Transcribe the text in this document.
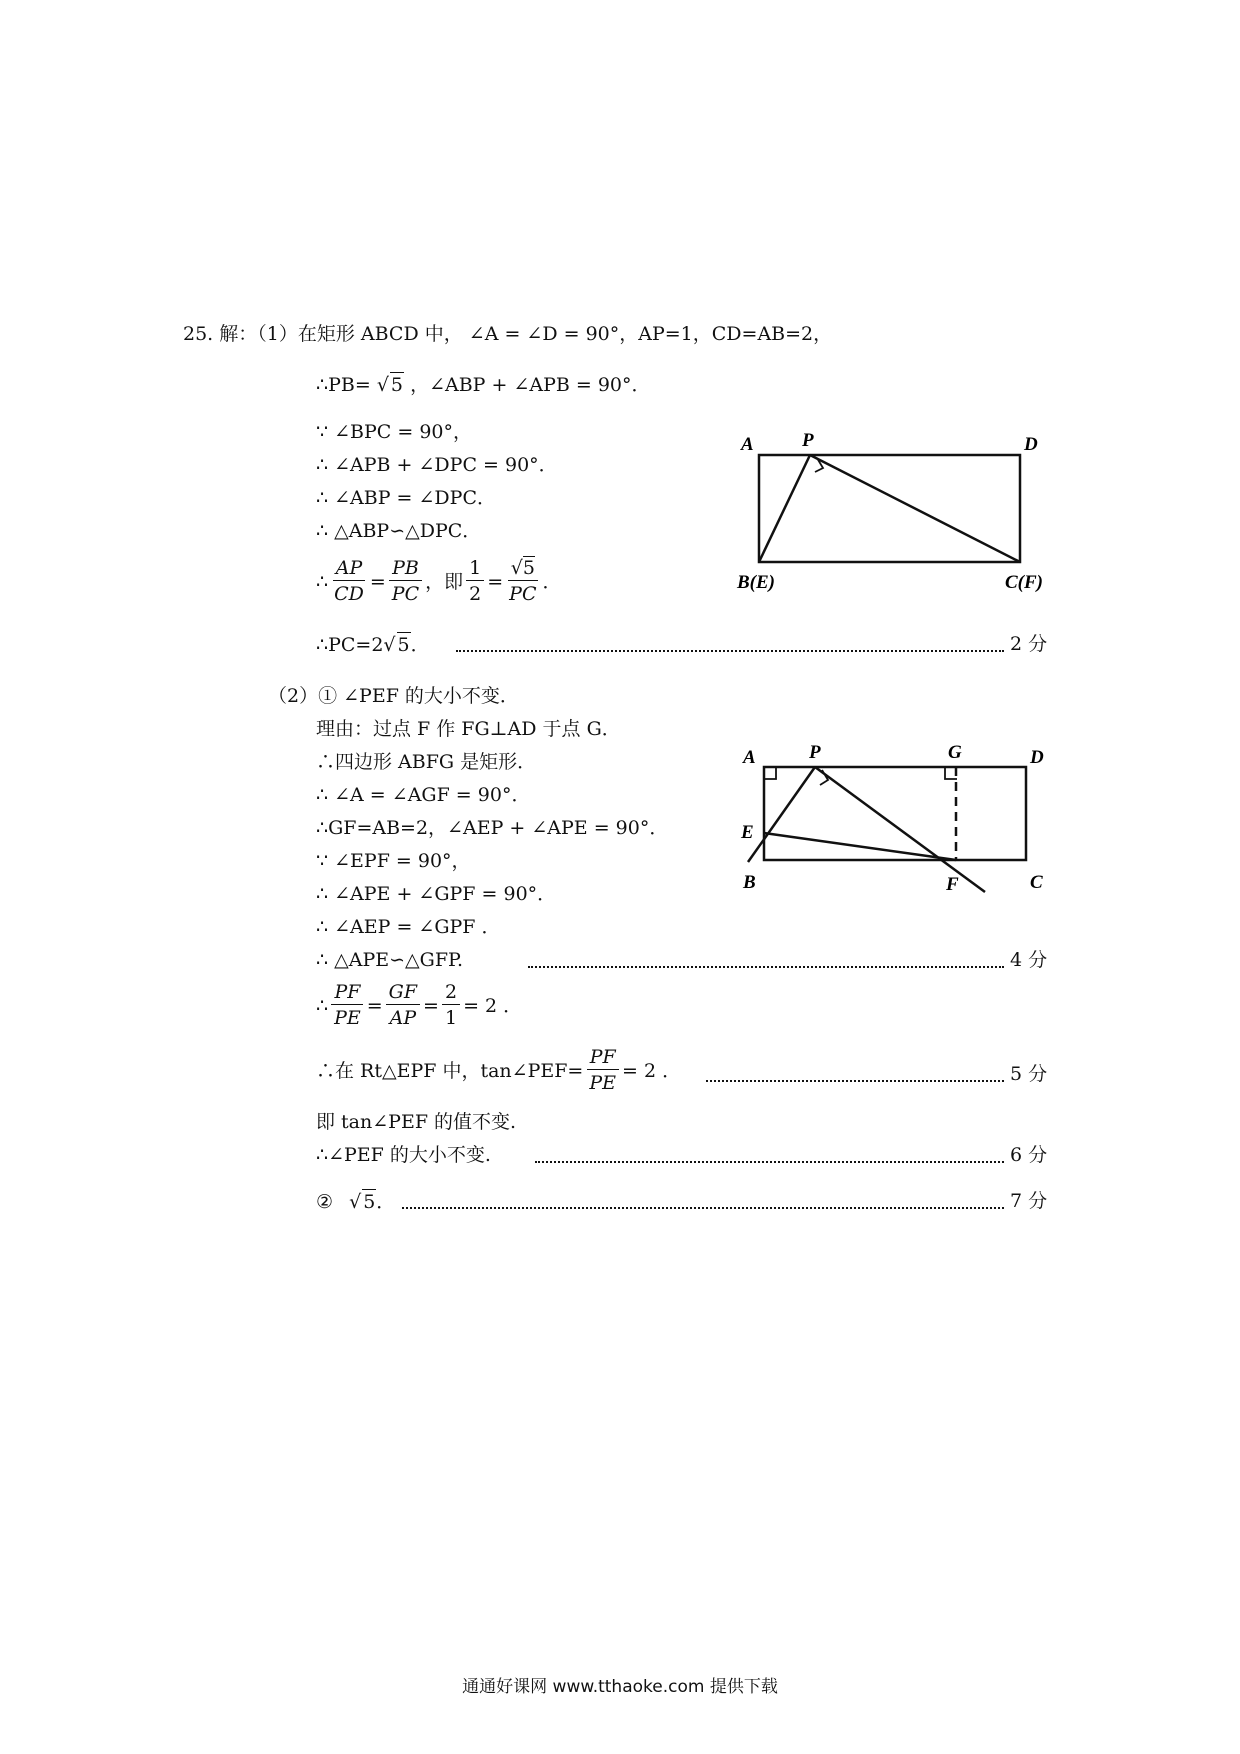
25. 解：（1）在矩形 ABCD 中， ∠A = ∠D = 90°，AP=1，CD=AB=2，
∴PB= √ 5 ，∠ABP + ∠APB = 90°．
∵ ∠BPC = 90°，
∴ ∠APB + ∠DPC = 90°．
∴ ∠ABP = ∠DPC．
∴ △ABP∽△DPC．
∴ $\frac{AP}{CD} = \frac{PB}{PC}$ ，即 $\frac{1}{2} = \frac{√5}{PC}$ ．
∴PC=2√ 5．	2 分
A	P	D
B(E)	C(F)
（2）① ∠PEF 的大小不变．
理由：过点 F 作 FG⊥AD 于点 G．
∴四边形 ABFG 是矩形．
∴ ∠A = ∠AGF = 90°．
∴GF=AB=2，∠AEP + ∠APE = 90°．
∵ ∠EPF = 90°，
∴ ∠APE + ∠GPF = 90°．
∴ ∠AEP = ∠GPF ．
∴ △APE∽△GFP.	4 分
∴ $\frac{PF}{PE} = \frac{GF}{AP} = \frac{2}{1} = 2$ ．
∴在 Rt△EPF 中，tan∠PEF= $\frac{PF}{PE} = 2$ ．	5 分
即 tan∠PEF 的值不变.
∴∠PEF 的大小不变.	6 分
② √ 5．	7 分
A	P	G	D
E
B	F	C
通通好课网 www.tthaoke.com 提供下载
